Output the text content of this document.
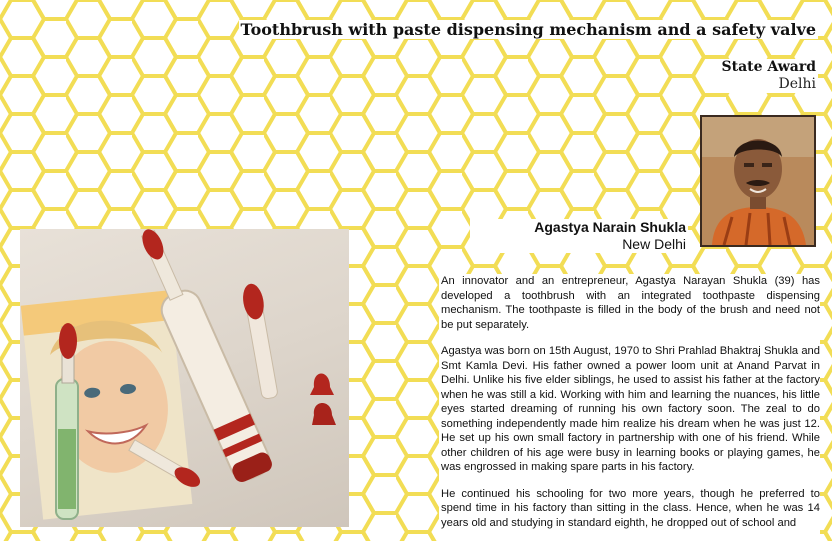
Toothbrush with paste dispensing mechanism and a safety valve
State Award
Delhi
Agastya Narain Shukla
New Delhi

An innovator and an entrepreneur, Agastya Narayan Shukla (39) has developed a toothbrush with an integrated toothpaste dispensing mechanism. The toothpaste is filled in the body of the brush and need not be put separately.

Agastya was born on 15th August, 1970 to Shri Prahlad Bhaktraj Shukla and Smt Kamla Devi. His father owned a power loom unit at Anand Parvat in Delhi. Unlike his five elder siblings, he used to assist his father at the factory when he was still a kid. Working with him and learning the nuances, his little eyes started dreaming of running his own factory soon. The zeal to do something independently made him realize his dream when he was just 12. He set up his own small factory in partnership with one of his friend. While other children of his age were busy in learning books or playing games, he was engrossed in making spare parts in his factory.

He continued his schooling for two more years, though he preferred to spend time in his factory than sitting in the class. Hence, when he was 14 years old and studying in standard eighth, he dropped out of school and
